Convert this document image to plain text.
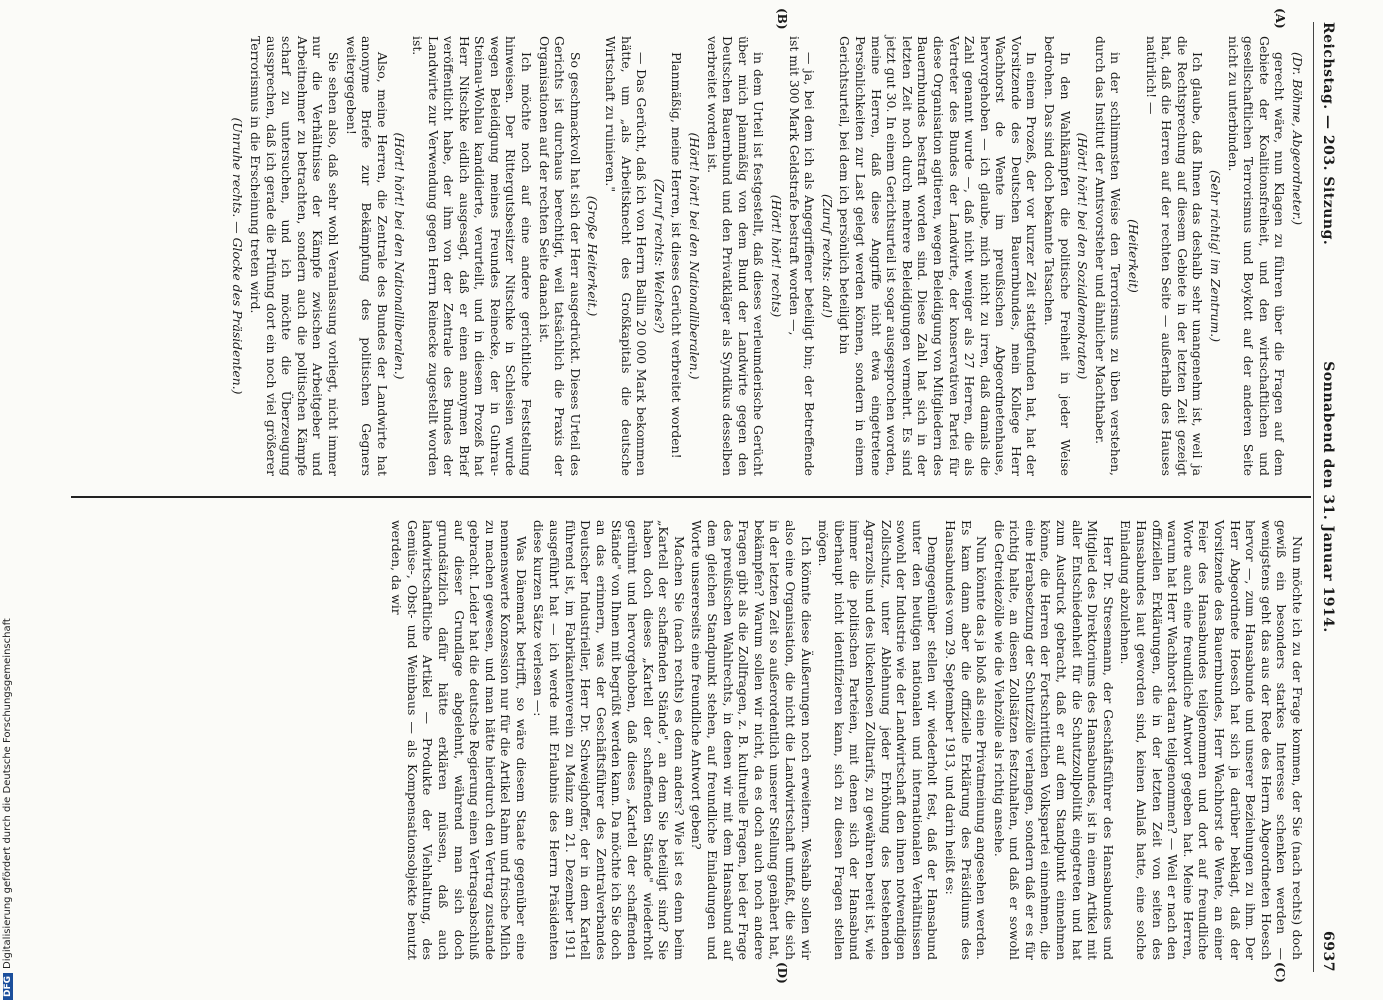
Reichstag. — 203. Sitzung.
Sonnabend den 31. Januar 1914.
6937
(A)
(B)
(C)
(D)

(Dr. Böhme, Abgeordneter.)

gerecht wäre, nun Klagen zu führen über die Fragen auf dem Gebiete der Koalitionsfreiheit, und den wirtschaftlichen und gesellschaftlichen Terrorismus und Boykott auf der anderen Seite nicht zu unterbinden.

(Sehr richtig! im Zentrum.)

Ich glaube, daß Ihnen das deshalb sehr unangenehm ist, weil ja die Rechtsprechung auf diesem Gebiete in der letzten Zeit gezeigt hat, daß die Herren auf der rechten Seite — außerhalb des Hauses natürlich! —

(Heiterkeit)

in der schlimmsten Weise den Terrorismus zu üben verstehen, durch das Institut der Amtsvorsteher und ähnlicher Machthaber.

(Hört! hört! bei den Sozialdemokraten)

In den Wahlkämpfen die politische Freiheit in jeder Weise bedrohen. Das sind doch bekannte Tatsachen.

In einem Prozeß, der vor kurzer Zeit stattgefunden hat, hat der Vorsitzende des Deutschen Bauernbundes, mein Kollege Herr Wachhorst de Wente im preußischen Abgeordnetenhause, hervorgehoben — ich glaube, mich nicht zu irren, daß damals die Zahl genannt wurde —, daß nicht weniger als 27 Herren, die als Vertreter des Bundes der Landwirte, der konservativen Partei für diese Organisation agitieren, wegen Beleidigung von Mitgliedern des Bauernbundes bestraft worden sind. Diese Zahl hat sich in der letzten Zeit noch durch mehrere Beleidigungen vermehrt. Es sind jetzt gut 30. In einem Gerichtsurteil ist sogar ausgesprochen worden, meine Herren, daß diese Angriffe nicht etwa eingetretene Persönlichkeiten zur Last gelegt werden können, sondern in einem Gerichtsurteil, bei dem ich persönlich beteiligt bin

(Zuruf rechts: aha!)

— ja, bei dem ich als Angegriffener beteiligt bin; der Betreffende ist mit 300 Mark Geldstrafe bestraft worden —,

(Hört! hört! rechts)

in dem Urteil ist festgestellt, daß dieses verleumderische Gerücht über mich planmäßig von dem Bund der Landwirte gegen den Deutschen Bauernbund und den Privatkläger als Syndikus desselben verbreitet worden ist.

(Hört! hört! bei den Nationalliberalen.)

Planmäßig, meine Herren, ist dieses Gerücht verbreitet worden!

(Zuruf rechts: Welches?)

— Das Gerücht, daß ich von Herrn Ballin 20 000 Mark bekommen hätte, um „als Arbeitsknecht des Großkapitals die deutsche Wirtschaft zu ruinieren."

(Große Heiterkeit.)

So geschmackvoll hat sich der Herr ausgedrückt. Dieses Urteil des Gerichts ist durchaus berechtigt, weil tatsächlich die Praxis der Organisationen auf der rechten Seite danach ist.

Ich möchte noch auf eine andere gerichtliche Feststellung hinweisen. Der Rittergutsbesitzer Nitschke in Schlesien wurde wegen Beleidigung meines Freundes Reinecke, der in Guhrau-Steinau-Wohlau kandidierte, verurteilt, und in diesem Prozeß hat Herr Nitschke eidlich ausgesagt, daß er einen anonymen Brief veröffentlicht habe, der ihm von der Zentrale des Bundes der Landwirte zur Verwendung gegen Herrn Reinecke zugestellt worden ist.

(Hört! hört! bei den Nationalliberalen.)

Also, meine Herren, die Zentrale des Bundes der Landwirte hat anonyme Briefe zur Bekämpfung des politischen Gegners weitergegeben!

Sie sehen also, daß sehr wohl Veranlassung vorliegt, nicht immer nur die Verhältnisse der Kämpfe zwischen Arbeitgeber und Arbeitnehmer zu betrachten, sondern auch die politischen Kämpfe scharf zu untersuchen, und ich möchte die Überzeugung aussprechen, daß ich gerade die Prüfung dort ein noch viel größerer Terrorismus in die Erscheinung treten wird.

(Unruhe rechts. — Glocke des Präsidenten.)

Nun möchte ich zu der Frage kommen, der Sie (nach rechts) doch gewiß ein besonders starkes Interesse schenken werden — wenigstens geht das aus der Rede des Herrn Abgeordneten Hoesch hervor —, zum Hansabunde und unserer Beziehungen zu ihm. Der Herr Abgeordnete Hoesch hat sich ja darüber beklagt, daß der Vorsitzende des Bauernbundes, Herr Wachhorst de Wente, an einer Feier des Hansabundes teilgenommen und dort auf freundliche Worte auch eine freundliche Antwort gegeben hat. Meine Herren, warum hat Herr Wachhorst daran teilgenommen? — Weil er nach den offiziellen Erklärungen, die in der letzten Zeit von seiten des Hansabundes laut geworden sind, keinen Anlaß hatte, eine solche Einladung abzulehnen.

Herr Dr. Stresemann, der Geschäftsführer des Hansabundes und Mitglied des Direktoriums des Hansabundes, ist in einem Artikel mit aller Entschiedenheit für die Schutzzollpolitik eingetreten und hat zum Ausdruck gebracht, daß er auf dem Standpunkt einnehmen könne, die Herren der Fortschrittlichen Volkspartei einnehmen, die eine Herabsetzung der Schutzzölle verlangen, sondern daß er es für richtig halte, an diesen Zollsätzen festzuhalten, und daß er sowohl die Getreidezölle wie die Viehzölle als richtig ansehe.

Nun könnte das ja bloß als eine Privatmeinung angesehen werden. Es kam dann aber die offizielle Erklärung des Präsidiums des Hansabundes vom 29. September 1913, und darin heißt es:

Demgegenüber stellen wir wiederholt fest, daß der Hansabund unter den heutigen nationalen und internationalen Verhältnissen sowohl der Industrie wie der Landwirtschaft den ihnen notwendigen Zollschutz, unter Ablehnung jeder Erhöhung des bestehenden Agrarzolls und des lückenlosen Zolltarifs, zu gewähren bereit ist, wie immer die politischen Parteien, mit denen sich der Hansabund überhaupt nicht identifizieren kann, sich zu diesen Fragen stellen mögen.

Ich könnte diese Äußerungen noch erweitern. Weshalb sollen wir also eine Organisation, die nicht die Landwirtschaft umfaßt, die sich in der letzten Zeit so außerordentlich unserer Stellung genähert hat, bekämpfen? Warum sollen wir nicht, da es doch auch noch andere Fragen gibt als die Zollfragen, z. B. kulturelle Fragen, bei der Frage des preußischen Wahlrechts, in denen wir mit dem Hansabund auf dem gleichen Standpunkt stehen, auf freundliche Einladungen und Worte unsererseits eine freundliche Antwort geben?

Machen Sie (nach rechts) es denn anders? Wie ist es denn beim „Kartell der schaffenden Stände", an dem Sie beteiligt sind? Sie haben doch dieses „Kartell der schaffenden Stände" wiederholt gerühmt und hervorgehoben, daß dieses „Kartell der schaffenden Stände" von Ihnen mit begrüßt werden kann. Da möchte ich Sie doch an das erinnern, was der Geschäftsführer des Zentralverbandes Deutscher Industrieller, Herr Dr. Schweighoffer, der in dem Kartell führend ist, im Fabrikantenverein zu Mainz am 21. Dezember 1911 ausgeführt hat — ich werde mit Erlaubnis des Herrn Präsidenten diese kurzen Sätze verlesen —:

Was Dänemark betrifft, so wäre diesem Staate gegenüber eine nennenswerte Konzession nur für die Artikel Rahm und frische Milch zu machen gewesen, und man hätte hierdurch den Vertrag zustande gebracht. Leider hat die deutsche Regierung einen Vertragsabschluß auf dieser Grundlage abgelehnt, während man sich doch grundsätzlich dafür hätte erklären müssen, daß auch landwirtschaftliche Artikel — Produkte der Viehhaltung, des Gemüse-, Obst- und Weinbaus — als Kompensationsobjekte benutzt werden, da wir

DFGDigitalisierung gefördert durch die Deutsche Forschungsgemeinschaft
